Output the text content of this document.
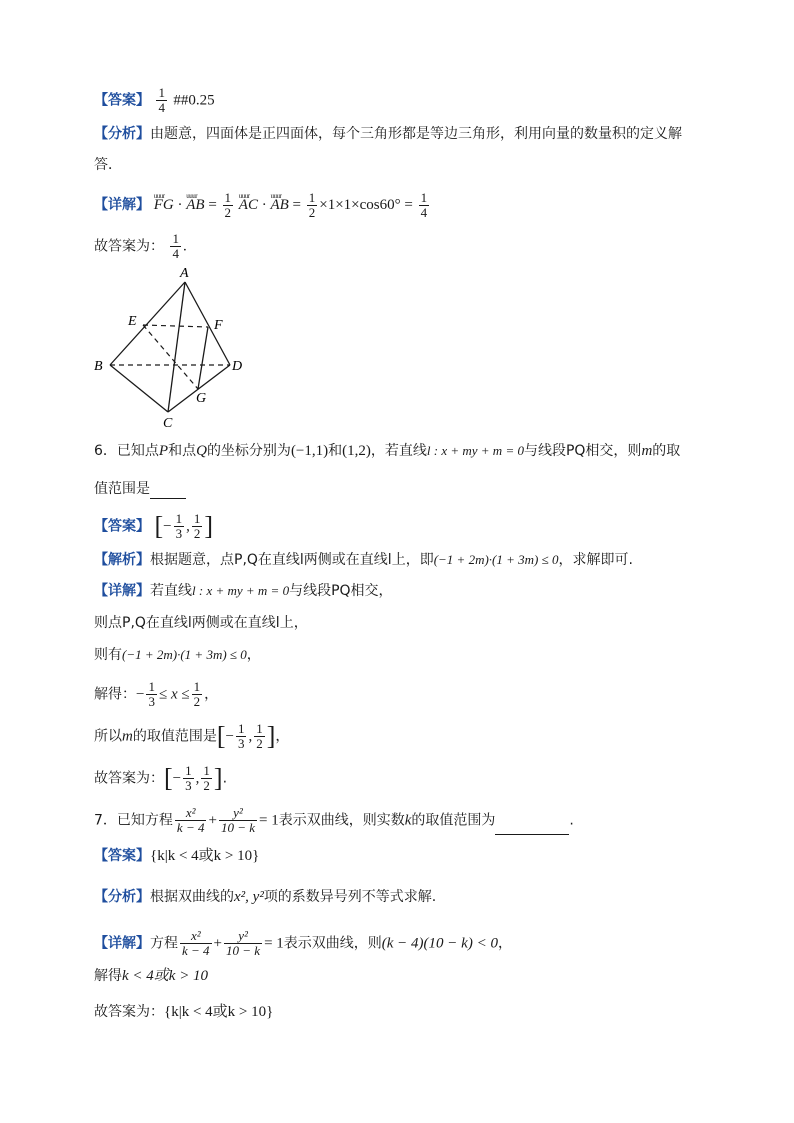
【答案】 $\frac{1}{4}$ ##0.25
【分析】由题意，四面体是正四面体，每个三角形都是等边三角形，利用向量的数量积的定义解
答．
【详解】 uuur FG · uuur AB = $\frac{1}{2}$ uuur AC · uuur AB = $\frac{1}{2} \times 1\times 1\times\cos 60^\circ = \frac{1}{4}$
故答案为： $\frac{1}{4}$ .
A
B
C
D
E	F
G
6．已知点P和点Q的坐标分别为(−1,1)和(1,2)，若直线l : x + my + m = 0与线段PQ相交，则m的取
值范围是
【答案】 [− $\frac{1}{3}$ , $\frac{1}{2}$ ]
【解析】根据题意，点P,Q在直线l两侧或在直线l上，即(−1 + 2m)·(1 + 3m) ≤ 0，求解即可.
【详解】若直线l : x + my + m = 0与线段PQ相交，
则点P,Q在直线l两侧或在直线l上，
则有(−1 + 2m)·(1 + 3m) ≤ 0，
解得：− $\frac{1}{3} \le x \le \frac{1}{2}$ ，
所以m的取值范围是[− $\frac{1}{3}$ , $\frac{1}{2}$ ]，
故答案为：[− $\frac{1}{3}$ , $\frac{1}{2}$ ].
7．已知方程 $\frac{\text{x²}}{k - 4} + \frac{\text{y²}}{10 - k} = 1$表示双曲线，则实数k的取值范围为	.
【答案】{k|k < 4或k > 10}
【分析】根据双曲线的x², y²项的系数异号列不等式求解.
【详解】方程 $\frac{\text{x²}}{k - 4} + \frac{\text{y²}}{10 - k} = 1$表示双曲线，则(k − 4)(10 − k) < 0，
解得k < 4或k > 10
故答案为：{k|k < 4或k > 10}
